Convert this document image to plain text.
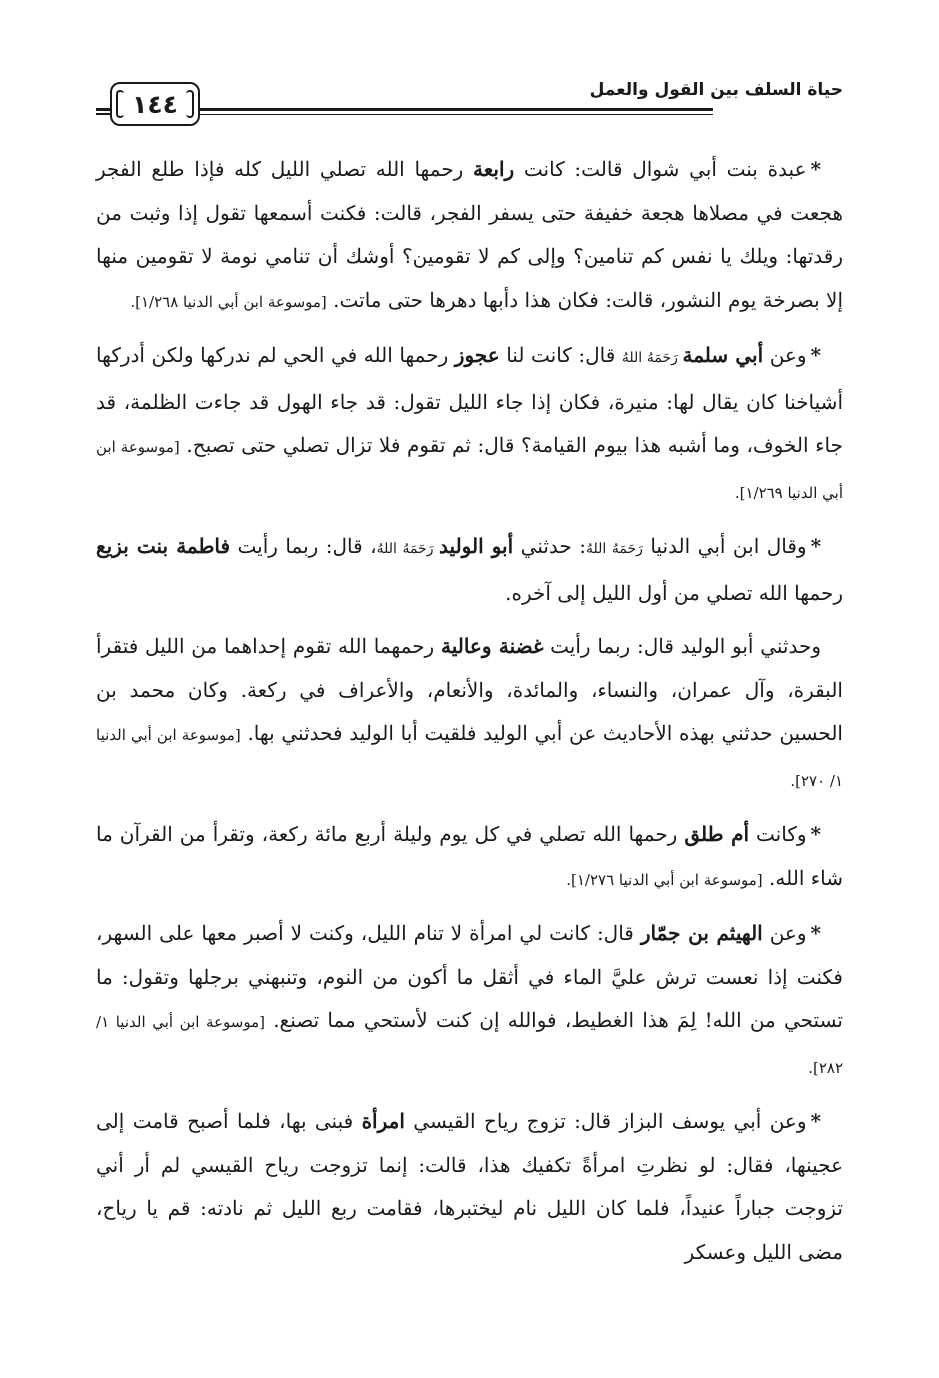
حياة السلف بين القول والعمل
١٤٤

*عبدة بنت أبي شوال قالت: كانت رابعة رحمها الله تصلي الليل كله فإذا طلع الفجر هجعت في مصلاها هجعة خفيفة حتى يسفر الفجر، قالت: فكنت أسمعها تقول إذا وثبت من رقدتها: ويلك يا نفس كم تنامين؟ وإلى كم لا تقومين؟ أوشك أن تنامي نومة لا تقومين منها إلا بصرخة يوم النشور، قالت: فكان هذا دأبها دهرها حتى ماتت. [موسوعة ابن أبي الدنيا ١/٢٦٨].

*وعن أبي سلمة رَحَمَهُ اللهُ قال: كانت لنا عجوز رحمها الله في الحي لم ندركها ولكن أدركها أشياخنا كان يقال لها: منيرة، فكان إذا جاء الليل تقول: قد جاء الهول قد جاءت الظلمة، قد جاء الخوف، وما أشبه هذا بيوم القيامة؟ قال: ثم تقوم فلا تزال تصلي حتى تصبح. [موسوعة ابن أبي الدنيا ١/٢٦٩].

*وقال ابن أبي الدنيا رَحَمَهُ اللهُ: حدثني أبو الوليد رَحَمَهُ اللهُ، قال: ربما رأيت فاطمة بنت بزيع رحمها الله تصلي من أول الليل إلى آخره.

وحدثني أبو الوليد قال: ربما رأيت غضنة وعالية رحمهما الله تقوم إحداهما من الليل فتقرأ البقرة، وآل عمران، والنساء، والمائدة، والأنعام، والأعراف في ركعة. وكان محمد بن الحسين حدثني بهذه الأحاديث عن أبي الوليد فلقيت أبا الوليد فحدثني بها. [موسوعة ابن أبي الدنيا ١/ ٢٧٠].

*وكانت أم طلق رحمها الله تصلي في كل يوم وليلة أربع مائة ركعة، وتقرأ من القرآن ما شاء الله. [موسوعة ابن أبي الدنيا ١/٢٧٦].

*وعن الهيثم بن جمّار قال: كانت لي امرأة لا تنام الليل، وكنت لا أصبر معها على السهر، فكنت إذا نعست ترش عليَّ الماء في أثقل ما أكون من النوم، وتنبهني برجلها وتقول: ما تستحي من الله! لِمَ هذا الغطيط، فوالله إن كنت لأستحي مما تصنع. [موسوعة ابن أبي الدنيا ١/ ٢٨٢].

*وعن أبي يوسف البزاز قال: تزوج رياح القيسي امرأة فبنى بها، فلما أصبح قامت إلى عجينها، فقال: لو نظرتِ امرأةً تكفيك هذا، قالت: إنما تزوجت رياح القيسي لم أر أني تزوجت جباراً عنيداً، فلما كان الليل نام ليختبرها، فقامت ربع الليل ثم نادته: قم يا رياح، مضى الليل وعسكر
